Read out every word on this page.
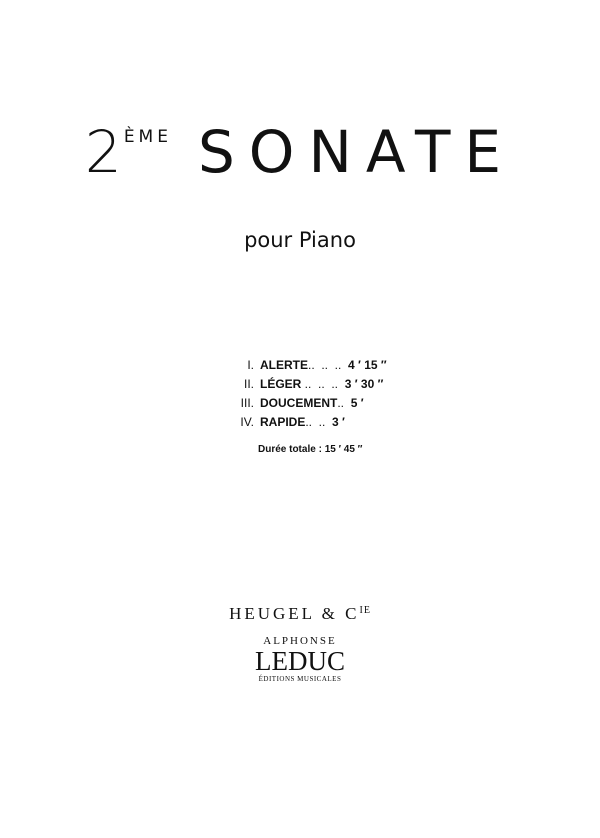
2ÈME SONATE
pour Piano
I. ALERTE ..  ..  ..
4 ′ 15 ″
II. LÉGER ..  ..  ..
3 ′ 30 ″
III. DOUCEMENT ..
5 ′
IV. RAPIDE ..  ..
3 ′
Durée totale : 15 ′ 45 ″
HEUGEL & $C^{IE}$
ALPHONSE
LEDUC
ÉDITIONS MUSICALES
